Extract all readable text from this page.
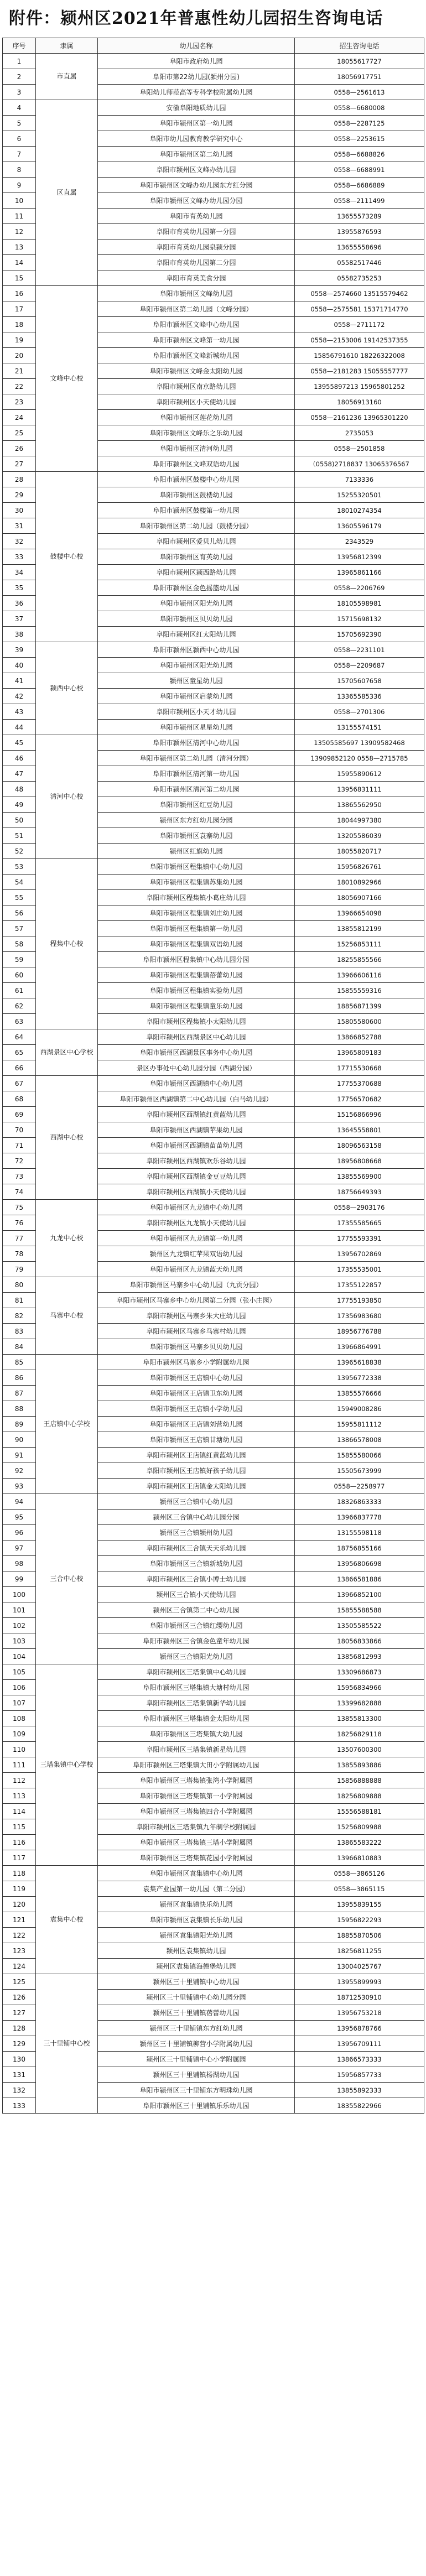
附件：颍州区2021年普惠性幼儿园招生咨询电话
序号	隶属	幼儿园名称	招生咨询电话
1	市直属	阜阳市政府幼儿园	18055617727
2		阜阳市第22幼儿园(颍州分园)	18056917751
3		阜阳幼儿师范高等专科学校附属幼儿园	0558—2561613
4	区直属	安徽阜阳地质幼儿园	0558—6680008
5		阜阳市颍州区第一幼儿园	0558—2287125
6		阜阳市幼儿园教育教学研究中心	0558—2253615
7		阜阳市颍州区第二幼儿园	0558—6688826
8		阜阳市颍州区文峰办幼儿园	0558—6688991
9		阜阳市颍州区文峰办幼儿园东方红分园	0558—6686889
10		阜阳市颍州区文峰办幼儿园分园	0558—2111499
11		阜阳市育英幼儿园	13655573289
12		阜阳市育英幼儿园第一分园	13955876593
13		阜阳市育英幼儿园泉颍分园	13655558696
14		阜阳市育英幼儿园第二分园	05582517446
15		阜阳市育英美食分园	05582735253
16	文峰中心校	阜阳市颍州区文峰幼儿园	0558—2574660 13515579462
17		阜阳市颍州区第二幼儿园（文峰分园）	0558—2575581 15371714770
18		阜阳市颍州区文峰中心幼儿园	0558—2711172
19		阜阳市颍州区文峰第一幼儿园	0558—2153006 19142537355
20		阜阳市颍州区文峰新城幼儿园	15856791610 18226322008
21		阜阳市颍州区文峰金太阳幼儿园	0558—2181283 15055557777
22		阜阳市颍州区南京路幼儿园	13955897213 15965801252
23		阜阳市颍州区小天使幼儿园	18056913160
24		阜阳市颍州区莲花幼儿园	0558—2161236 13965301220
25		阜阳市颍州区文峰乐之乐幼儿园	2735053
26		阜阳市颍州区清河幼儿园	0558—2501858
27		阜阳市颍州区文峰双语幼儿园	（0558)2718837 13065376567
28	鼓楼中心校	阜阳市颍州区鼓楼中心幼儿园	7133336
29		阜阳市颍州区鼓楼幼儿园	15255320501
30		阜阳市颍州区鼓楼第一幼儿园	18010274354
31		阜阳市颍州区第二幼儿园（鼓楼分园）	13605596179
32		阜阳市颍州区爱贝儿幼儿园	2343529
33		阜阳市颍州区育英幼儿园	13956812399
34		阜阳市颍州区颍西路幼儿园	13965861166
35		阜阳市颍州区金色摇篮幼儿园	0558—2206769
36		阜阳市颍州区阳光幼儿园	18105598981
37		阜阳市颍州区贝贝幼儿园	15715698132
38		阜阳市颍州区红太阳幼儿园	15705692390
39	颍西中心校	阜阳市颍州区颍西中心幼儿园	0558—2231101
40		阜阳市颍州区阳光幼儿园	0558—2209687
41		颍州区童星幼儿园	15705607658
42		阜阳市颍州区启蒙幼儿园	13365585336
43		阜阳市颍州区小天才幼儿园	0558—2701306
44		阜阳市颍州区星星幼儿园	13155574151
45	清河中心校	阜阳市颍州区清河中心幼儿园	13505585697 13909582468
46		阜阳市颍州区第二幼儿园（清河分园）	13909852120 0558—2715785
47		阜阳市颍州区清河第一幼儿园	15955890612
48		阜阳市颍州区清河第二幼儿园	13956831111
49		阜阳市颍州区红豆幼儿园	13865562950
50		颍州区东方红幼儿园分园	18044997380
51		阜阳市颍州区袁寨幼儿园	13205586039
52		颍州区红旗幼儿园	18055820717
53	程集中心校	阜阳市颍州区程集镇中心幼儿园	15956826761
54		阜阳市颍州区程集镇苏集幼儿园	18010892966
55		阜阳市颍州区程集镇小葛庄幼儿园	18056907166
56		阜阳市颍州区程集镇刘庄幼儿园	13966654098
57		阜阳市颍州区程集镇第一幼儿园	13855812199
58		阜阳市颍州区程集镇双语幼儿园	15256853111
59		阜阳市颍州区程集镇中心幼儿园分园	18255855566
60		阜阳市颍州区程集镇蓓蕾幼儿园	13966606116
61		阜阳市颍州区程集镇实验幼儿园	15855559316
62		阜阳市颍州区程集镇童乐幼儿园	18856871399
63		阜阳市颍州区程集镇小太阳幼儿园	15805580600
64	西湖景区中心学校	阜阳市颍州区西湖景区中心幼儿园	13866852788
65		阜阳市颍州区西湖景区事务中心幼儿园	13965809183
66		景区办事处中心幼儿园分园（西湖分园）	17715530668
67	西湖中心校	阜阳市颍州区西湖镇中心幼儿园	17755370688
68		阜阳市颍州区西湖镇第二中心幼儿园（白马幼儿园）	17756570682
69		阜阳市颍州区西湖镇红黄蓝幼儿园	15156866996
70		阜阳市颍州区西湖镇苹果幼儿园	13645558801
71		阜阳市颍州区西湖镇苗苗幼儿园	18096563158
72		阜阳市颍州区西湖镇欢乐谷幼儿园	18956808668
73		阜阳市颍州区西湖镇金豆豆幼儿园	13855569900
74		阜阳市颍州区西湖镇小天使幼儿园	18756649393
75	九龙中心校	阜阳市颍州区九龙镇中心幼儿园	0558—2903176
76		阜阳市颍州区九龙镇小天使幼儿园	17355585665
77		阜阳市颍州区九龙镇第一幼儿园	17755593391
78		颍州区九龙镇红苹果双语幼儿园	13956702869
79		阜阳市颍州区九龙镇蓝天幼儿园	17355535001
80	马寨中心校	阜阳市颍州区马寨乡中心幼儿园（九贡分园）	17355122857
81		阜阳市颍州区马寨乡中心幼儿园第二分园（张小庄园）	17755193850
82		阜阳市颍州区马寨乡朱大庄幼儿园	17356983680
83		阜阳市颍州区马寨乡马寨村幼儿园	18956776788
84		阜阳市颍州区马寨乡贝贝幼儿园	13966864991
85	王店镇中心学校	阜阳市颍州区马寨乡小学附属幼儿园	13965618838
86		阜阳市颍州区王店镇中心幼儿园	13956772338
87		阜阳市颍州区王店镇卫东幼儿园	13855576666
88		阜阳市颍州区王店镇小学幼儿园	15949008286
89		阜阳市颍州区王店镇刘营幼儿园	15955811112
90		阜阳市颍州区王店镇甘塘幼儿园	13866578008
91		阜阳市颍州区王店镇红黄蓝幼儿园	15855580066
92		阜阳市颍州区王店镇好孩子幼儿园	15505673999
93		阜阳市颍州区王店镇金太阳幼儿园	0558—2258977
94	三合中心校	颍州区三合镇中心幼儿园	18326863333
95		颍州区三合镇中心幼儿园分园	13966837778
96		颍州区三合镇颍州幼儿园	13155598118
97		阜阳市颍州区三合镇天天乐幼儿园	18756855166
98		阜阳市颍州区三合镇新城幼儿园	13956806698
99		阜阳市颍州区三合镇小博士幼儿园	13866581886
100		颍州区三合镇小天使幼儿园	13966852100
101		颍州区三合镇第二中心幼儿园	15855588588
102		阜阳市颍州区三合镇红缨幼儿园	13505585522
103		阜阳市颍州区三合镇金色童年幼儿园	18056833866
104		颍州区三合镇阳光幼儿园	13856812993
105	三塔集镇中心学校	阜阳市颍州区三塔集镇中心幼儿园	13309686873
106		阜阳市颍州区三塔集镇大塘村幼儿园	15956834966
107		阜阳市颍州区三塔集镇新华幼儿园	13399682888
108		阜阳市颍州区三塔集镇金太阳幼儿园	13855813300
109		阜阳市颍州区三塔集镇大幼儿园	18256829118
110		阜阳市颍州区三塔集镇新星幼儿园	13507600300
111		阜阳市颍州区三塔集镇大田小学附属幼儿园	13855893886
112		阜阳市颍州区三塔集镇张湾小学附属园	15856888888
113		阜阳市颍州区三塔集镇第一小学附属园	18256809888
114		阜阳市颍州区三塔集镇四合小学附属园	15556588181
115		阜阳市颍州区三塔集镇九年制学校附属园	15256809988
116		阜阳市颍州区三塔集镇三塔小学附属园	13865583222
117		阜阳市颍州区三塔集镇花园小学附属园	13966810883
118	袁集中心校	阜阳市颍州区袁集镇中心幼儿园	0558—3865126
119		袁集产业园第一幼儿园（第二分园）	0558—3865115
120		颍州区袁集镇快乐幼儿园	13955839155
121		阜阳市颍州区袁集镇长乐幼儿园	15956822293
122		颍州区袁集镇阳光幼儿园	18855870506
123		颍州区袁集镇幼儿园	18256811255
124		颍州区袁集镇海德堡幼儿园	13004025767
125	三十里铺中心校	颍州区三十里铺镇中心幼儿园	13955899993
126		颍州区三十里铺镇中心幼儿园分园	18712530910
127		颍州区三十里铺镇蓓蕾幼儿园	13956753218
128		颍州区三十里铺镇东方红幼儿园	13956878766
129		颍州区三十里铺镇柳营小学附属幼儿园	13956709111
130		颍州区三十里铺镇中心小学附属园	13866573333
131		颍州区三十里铺镇杨湖幼儿园	15956857733
132		阜阳市颍州区三十里铺东方明珠幼儿园	13855892333
133		阜阳市颍州区三十里铺镇乐乐幼儿园	18355822966
